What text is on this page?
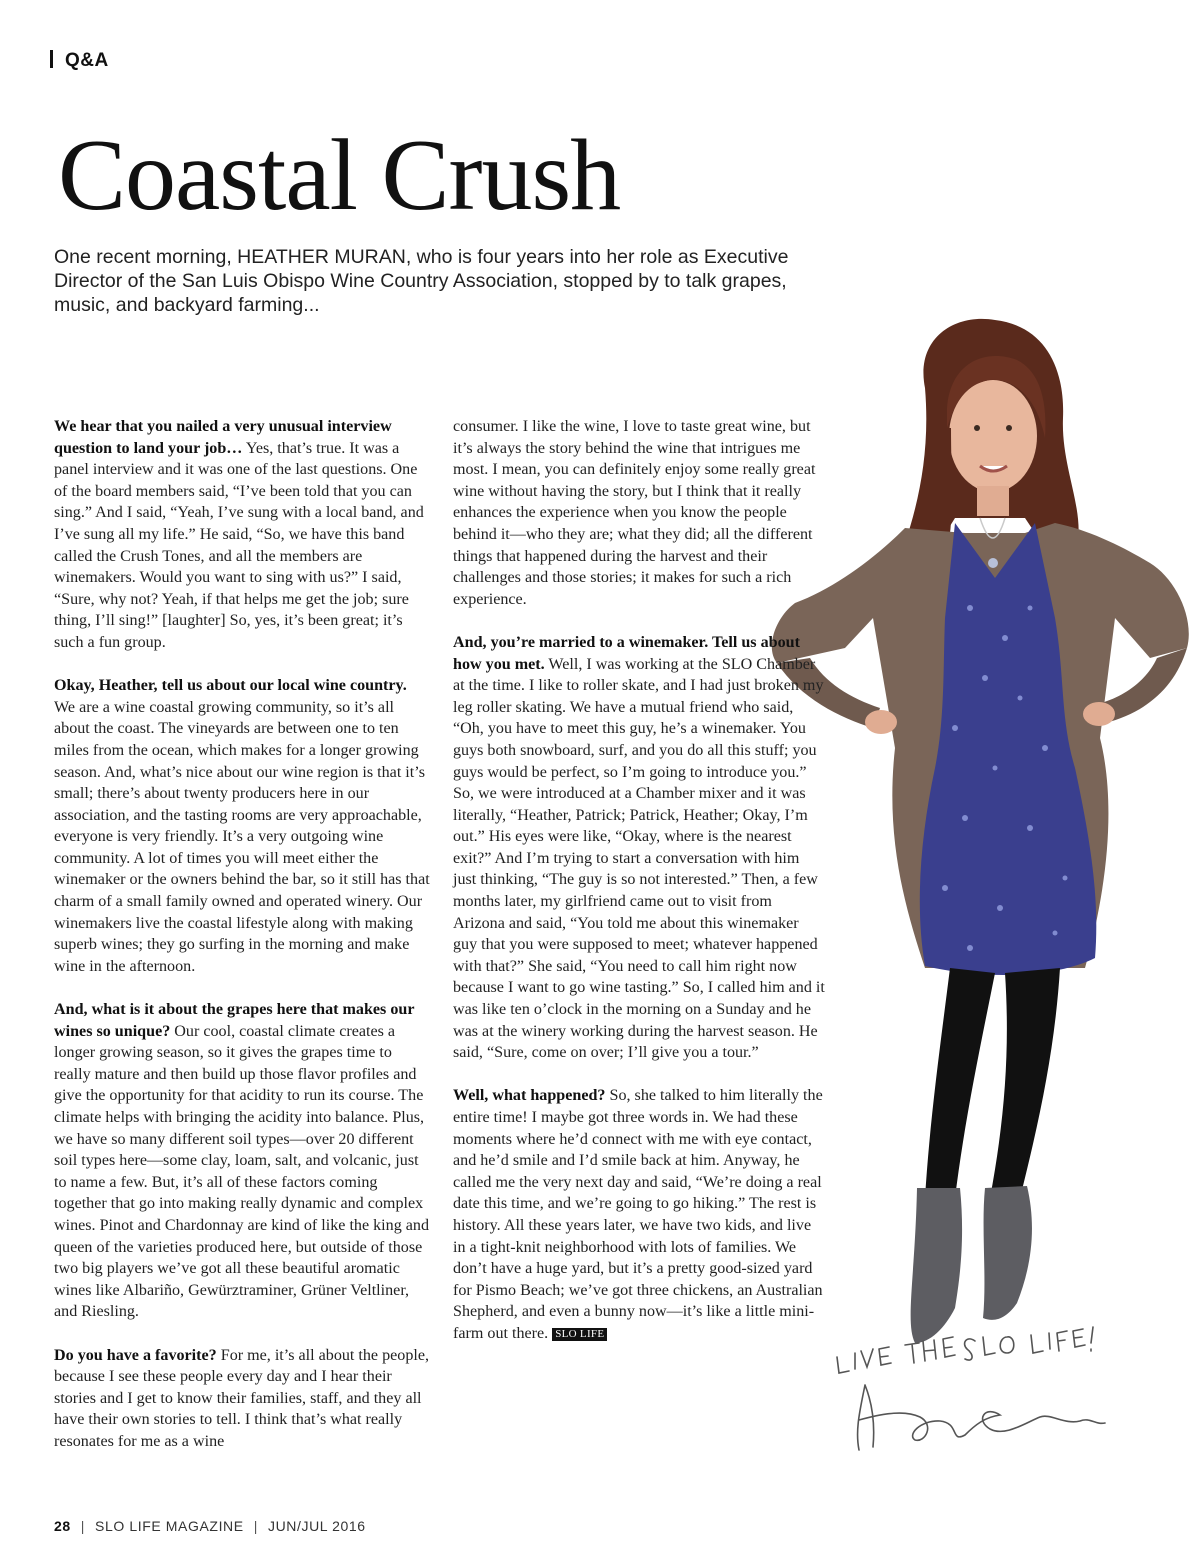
Q&A
Coastal Crush

One recent morning, HEATHER MURAN, who is four years into her role as Executive Director of the San Luis Obispo Wine Country Association, stopped by to talk grapes, music, and backyard farming...

We hear that you nailed a very unusual interview question to land your job… Yes, that’s true. It was a panel interview and it was one of the last questions. One of the board members said, “I’ve been told that you can sing.” And I said, “Yeah, I’ve sung with a local band, and I’ve sung all my life.” He said, “So, we have this band called the Crush Tones, and all the members are winemakers. Would you want to sing with us?” I said, “Sure, why not? Yeah, if that helps me get the job; sure thing, I’ll sing!” [laughter] So, yes, it’s been great; it’s such a fun group.

Okay, Heather, tell us about our local wine country. We are a wine coastal growing community, so it’s all about the coast. The vineyards are between one to ten miles from the ocean, which makes for a longer growing season. And, what’s nice about our wine region is that it’s small; there’s about twenty producers here in our association, and the tasting rooms are very approachable, everyone is very friendly. It’s a very outgoing wine community. A lot of times you will meet either the winemaker or the owners behind the bar, so it still has that charm of a small family owned and operated winery. Our winemakers live the coastal lifestyle along with making superb wines; they go surfing in the morning and make wine in the afternoon.

And, what is it about the grapes here that makes our wines so unique? Our cool, coastal climate creates a longer growing season, so it gives the grapes time to really mature and then build up those flavor profiles and give the opportunity for that acidity to run its course. The climate helps with bringing the acidity into balance. Plus, we have so many different soil types—over 20 different soil types here—some clay, loam, salt, and volcanic, just to name a few. But, it’s all of these factors coming together that go into making really dynamic and complex wines. Pinot and Chardonnay are kind of like the king and queen of the varieties produced here, but outside of those two big players we’ve got all these beautiful aromatic wines like Albariño, Gewürztraminer, Grüner Veltliner, and Riesling.

Do you have a favorite? For me, it’s all about the people, because I see these people every day and I hear their stories and I get to know their families, staff, and they all have their own stories to tell. I think that’s what really resonates for me as a wine

consumer. I like the wine, I love to taste great wine, but it’s always the story behind the wine that intrigues me most. I mean, you can definitely enjoy some really great wine without having the story, but I think that it really enhances the experience when you know the people behind it—who they are; what they did; all the different things that happened during the harvest and their challenges and those stories; it makes for such a rich experience.

And, you’re married to a winemaker. Tell us about how you met. Well, I was working at the SLO Chamber at the time. I like to roller skate, and I had just broken my leg roller skating. We have a mutual friend who said, “Oh, you have to meet this guy, he’s a winemaker. You guys both snowboard, surf, and you do all this stuff; you guys would be perfect, so I’m going to introduce you.” So, we were introduced at a Chamber mixer and it was literally, “Heather, Patrick; Patrick, Heather; Okay, I’m out.” His eyes were like, “Okay, where is the nearest exit?” And I’m trying to start a conversation with him just thinking, “The guy is so not interested.” Then, a few months later, my girlfriend came out to visit from Arizona and said, “You told me about this winemaker guy that you were supposed to meet; whatever happened with that?” She said, “You need to call him right now because I want to go wine tasting.” So, I called him and it was like ten o’clock in the morning on a Sunday and he was at the winery working during the harvest season. He said, “Sure, come on over; I’ll give you a tour.”

Well, what happened? So, she talked to him literally the entire time! I maybe got three words in. We had these moments where he’d connect with me with eye contact, and he’d smile and I’d smile back at him. Anyway, he called me the very next day and said, “We’re doing a real date this time, and we’re going to go hiking.” The rest is history. All these years later, we have two kids, and live in a tight-knit neighborhood with lots of families. We don’t have a huge yard, but it’s a pretty good-sized yard for Pismo Beach; we’ve got three chickens, an Australian Shepherd, and even a bunny now—it’s like a little mini-farm out there. SLO LIFE

28 | SLO LIFE MAGAZINE | JUN/JUL 2016
